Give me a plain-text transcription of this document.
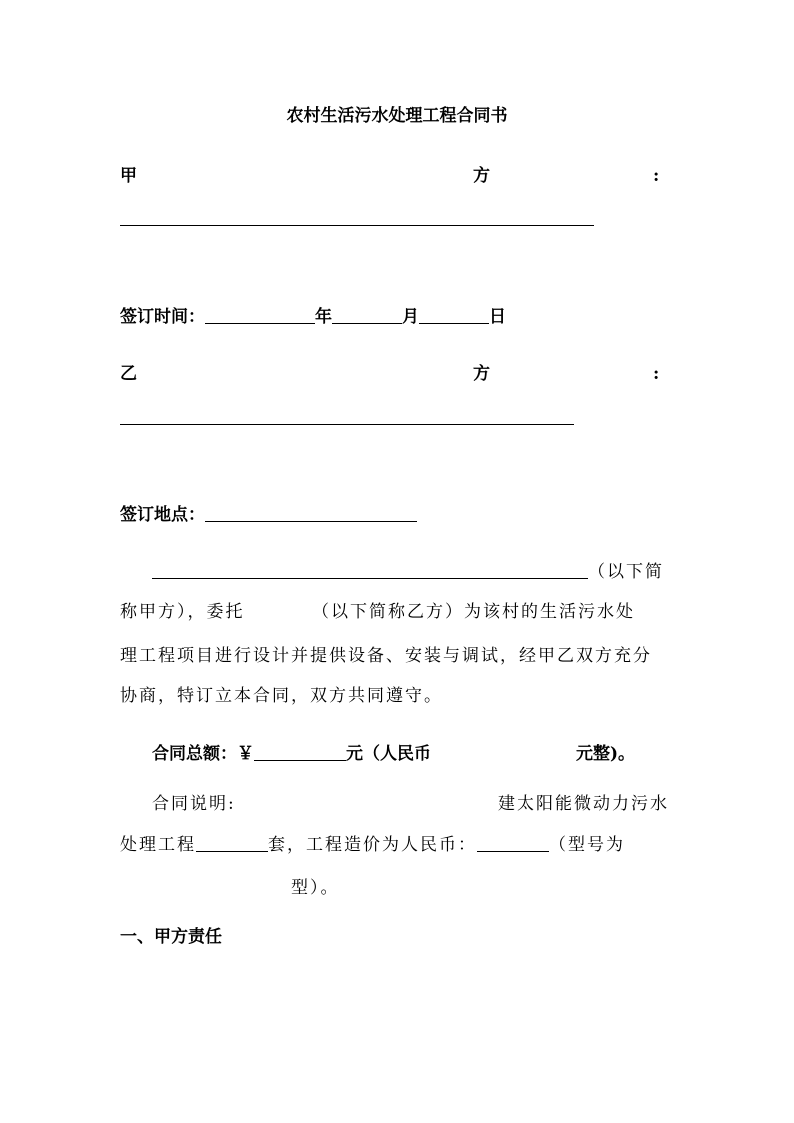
农村生活污水处理工程合同书
甲	方	:
签订时间：	年	月	日
乙	方	:
签订地点：
（以下简
称甲方），委托　　　　（以下简称乙方）为该村的生活污水处
理工程项目进行设计并提供设备、安装与调试，经甲乙双方充分
协商，特订立本合同，双方共同遵守。
合同总额：￥	元（人民币	元整)。
合同说明:	建太阳能微动力污水
处理工程	套，工程造价为人民币：	（型号为
型）。
一、甲方责任
